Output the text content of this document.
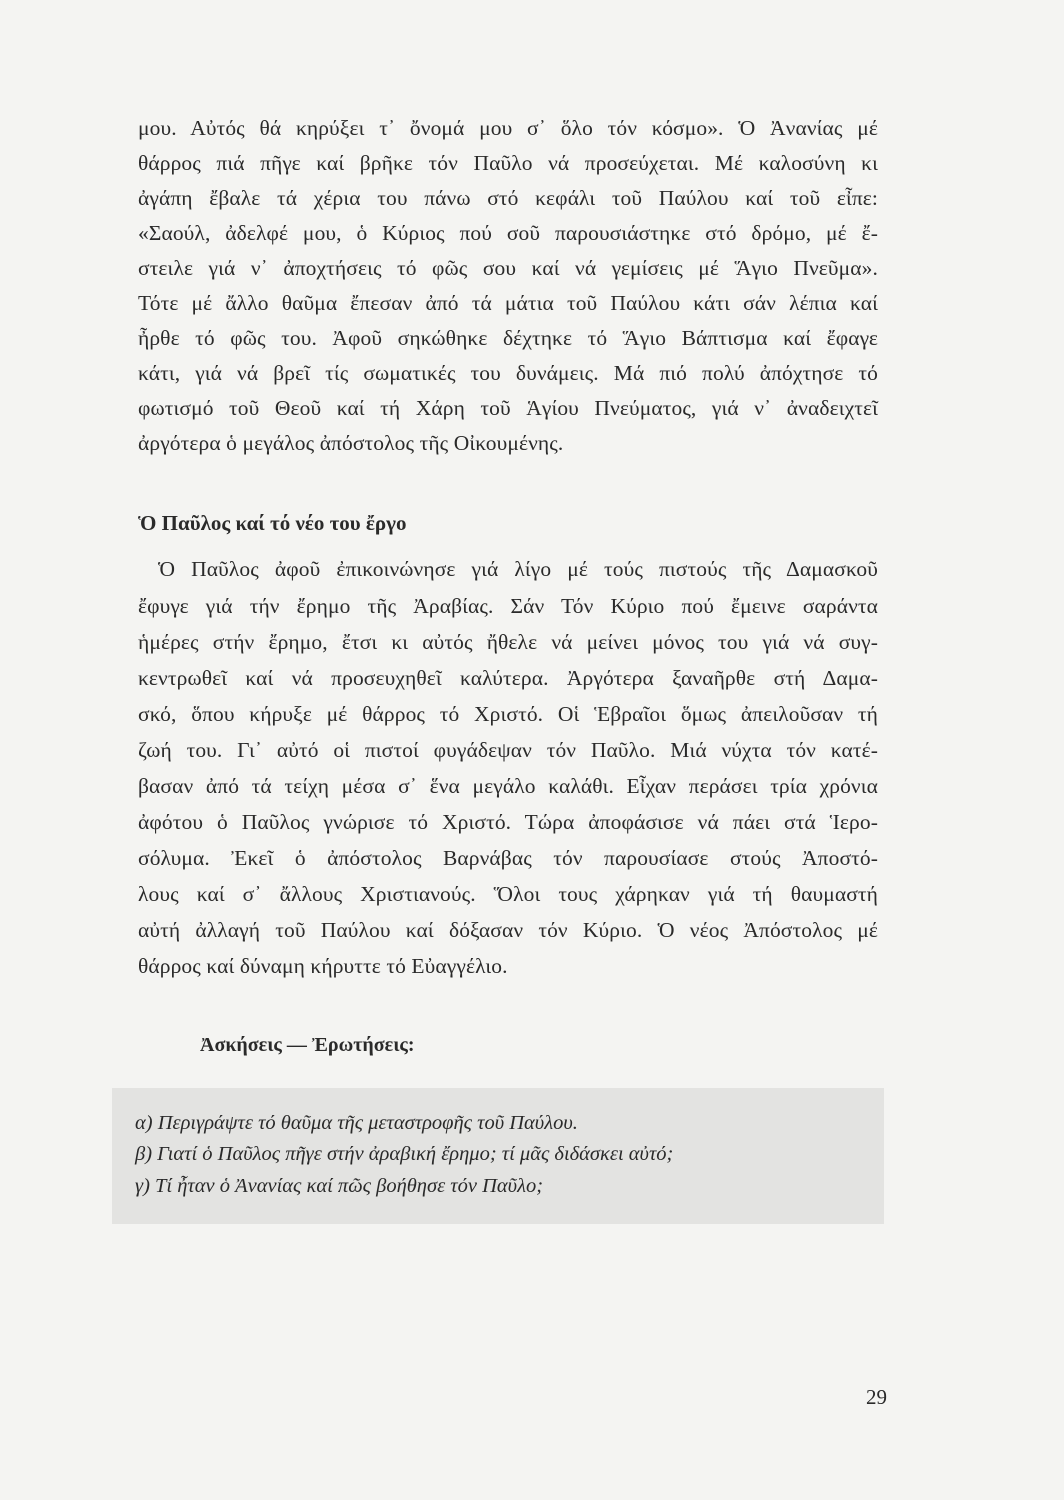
μου. Αὐτός θά κηρύξει τ᾽ ὄνομά μου σ᾽ ὅλο τόν κόσμο». Ὁ Ἀνανίας μέ
θάρρος πιά πῆγε καί βρῆκε τόν Παῦλο νά προσεύχεται. Μέ καλοσύνη κι
ἀγάπη ἔβαλε τά χέρια του πάνω στό κεφάλι τοῦ Παύλου καί τοῦ εἶπε:
«Σαούλ, ἀδελφέ μου, ὁ Κύριος πού σοῦ παρουσιάστηκε στό δρόμο, μέ ἔ-
στειλε γιά ν᾽ ἀποχτήσεις τό φῶς σου καί νά γεμίσεις μέ Ἅγιο Πνεῦμα».
Τότε μέ ἄλλο θαῦμα ἔπεσαν ἀπό τά μάτια τοῦ Παύλου κάτι σάν λέπια καί
ἦρθε τό φῶς του. Ἀφοῦ σηκώθηκε δέχτηκε τό Ἅγιο Βάπτισμα καί ἔφαγε
κάτι, γιά νά βρεῖ τίς σωματικές του δυνάμεις. Μά πιό πολύ ἀπόχτησε τό
φωτισμό τοῦ Θεοῦ καί τή Χάρη τοῦ Ἁγίου Πνεύματος, γιά ν᾽ ἀναδειχτεῖ
ἀργότερα ὁ μεγάλος ἀπόστολος τῆς Οἰκουμένης.
Ὁ Παῦλος καί τό νέο του ἔργο
Ὁ Παῦλος ἀφοῦ ἐπικοινώνησε γιά λίγο μέ τούς πιστούς τῆς Δαμασκοῦ
ἔφυγε γιά τήν ἔρημο τῆς Ἀραβίας. Σάν Τόν Κύριο πού ἔμεινε σαράντα
ἡμέρες στήν ἔρημο, ἔτσι κι αὐτός ἤθελε νά μείνει μόνος του γιά νά συγ-
κεντρωθεῖ καί νά προσευχηθεῖ καλύτερα. Ἀργότερα ξαναῆρθε στή Δαμα-
σκό, ὅπου κήρυξε μέ θάρρος τό Χριστό. Οἱ Ἑβραῖοι ὅμως ἀπειλοῦσαν τή
ζωή του. Γι᾽ αὐτό οἱ πιστοί φυγάδεψαν τόν Παῦλο. Μιά νύχτα τόν κατέ-
βασαν ἀπό τά τείχη μέσα σ᾽ ἕνα μεγάλο καλάθι. Εἶχαν περάσει τρία χρόνια
ἀφότου ὁ Παῦλος γνώρισε τό Χριστό. Τώρα ἀποφάσισε νά πάει στά Ἱερο-
σόλυμα. Ἐκεῖ ὁ ἀπόστολος Βαρνάβας τόν παρουσίασε στούς Ἀποστό-
λους καί σ᾽ ἄλλους Χριστιανούς. Ὅλοι τους χάρηκαν γιά τή θαυμαστή
αὐτή ἀλλαγή τοῦ Παύλου καί δόξασαν τόν Κύριο. Ὁ νέος Ἀπόστολος μέ
θάρρος καί δύναμη κήρυττε τό Εὐαγγέλιο.
Ἀσκήσεις — Ἐρωτήσεις:
α) Περιγράψτε τό θαῦμα τῆς μεταστροφῆς τοῦ Παύλου.
β) Γιατί ὁ Παῦλος πῆγε στήν ἀραβική ἔρημο; τί μᾶς διδάσκει αὐτό;
γ) Τί ἦταν ὁ Ἀνανίας καί πῶς βοήθησε τόν Παῦλο;
29
